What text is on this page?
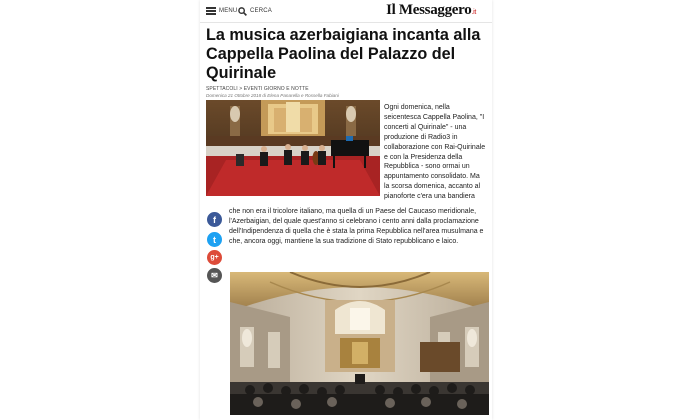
MENU CERCA	Il Messaggero.it
La musica azerbaigiana incanta alla Cappella Paolina del Palazzo del Quirinale
SPETTACOLI > EVENTI GIORNO E NOTTE
Domenica 21 Ottobre 2018 di Elena Panarella e Rossella Fabiani

Ogni domenica, nella seicentesca Cappella Paolina, "I concerti al Quirinale" - una produzione di Radio3 in collaborazione con Rai-Quirinale e con la Presidenza della Repubblica - sono ormai un appuntamento consolidato. Ma la scorsa domenica, accanto al pianoforte c'era una bandiera

f
t
g+
✉

che non era il tricolore italiano, ma quella di un Paese del Caucaso meridionale, l'Azerbaigian, del quale quest'anno si celebrano i cento anni dalla proclamazione dell'Indipendenza di quella che è stata la prima Repubblica nell'area musulmana e che, ancora oggi, mantiene la sua tradizione di Stato repubblicano e laico.
